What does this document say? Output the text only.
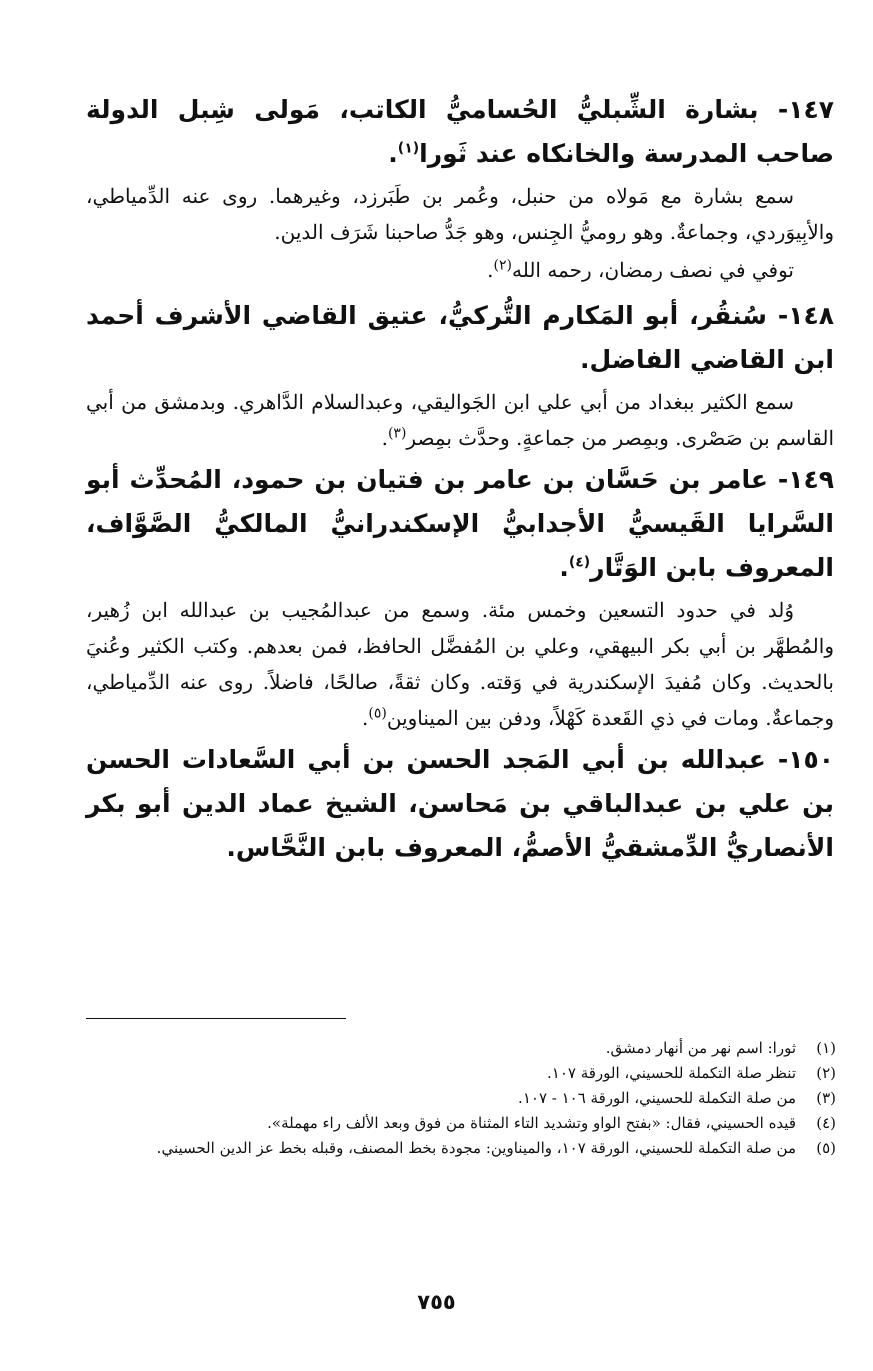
١٤٧- بشارة الشِّبليُّ الحُساميُّ الكاتب، مَولى شِبل الدولة صاحب المدرسة والخانكاه عند ثَورا$^{(١)}$.

سمع بشارة مع مَولاه من حنبل، وعُمر بن طَبَرزد، وغيرهما. روى عنه الدِّمياطي، والأبِيوَردي، وجماعةٌ. وهو روميُّ الجِنس، وهو جَدُّ صاحبنا شَرَف الدين.

توفي في نصف رمضان، رحمه الله$^{(٢)}$.

١٤٨- سُنقُر، أبو المَكارم التُّركيُّ، عتيق القاضي الأشرف أحمد ابن القاضي الفاضل.

سمع الكثير ببغداد من أبي علي ابن الجَواليقي، وعبدالسلام الدَّاهري. وبدمشق من أبي القاسم بن صَصْرى. وبمِصر من جماعةٍ. وحدَّث بمِصر$^{(٣)}$.

١٤٩- عامر بن حَسَّان بن عامر بن فتيان بن حمود، المُحدِّث أبو السَّرايا القَيسيُّ الأجدابيُّ الإسكندرانيُّ المالكيُّ الصَّوَّاف، المعروف بابن الوَتَّار$^{(٤)}$.

وُلد في حدود التسعين وخمس مئة. وسمع من عبدالمُجيب بن عبدالله ابن زُهير، والمُطهَّر بن أبي بكر البيهقي، وعلي بن المُفضَّل الحافظ، فمن بعدهم. وكتب الكثير وعُنيَ بالحديث. وكان مُفيدَ الإسكندرية في وَقته. وكان ثقةً، صالحًا، فاضلاً. روى عنه الدِّمياطي، وجماعةٌ. ومات في ذي القَعدة كَهْلاً، ودفن بين الميناوين$^{(٥)}$.

١٥٠- عبدالله بن أبي المَجد الحسن بن أبي السَّعادات الحسن بن علي بن عبدالباقي بن مَحاسن، الشيخ عماد الدين أبو بكر الأنصاريُّ الدِّمشقيُّ الأصمُّ، المعروف بابن النَّحَّاس.

(١)
ثورا: اسم نهر من أنهار دمشق.
(٢)
تنظر صلة التكملة للحسيني، الورقة ١٠٧.
(٣)
من صلة التكملة للحسيني، الورقة ١٠٦ - ١٠٧.
(٤)
قيده الحسيني، فقال: «بفتح الواو وتشديد التاء المثناة من فوق وبعد الألف راء مهملة».
(٥)
من صلة التكملة للحسيني، الورقة ١٠٧، والميناوين: مجودة بخط المصنف، وقبله بخط عز الدين الحسيني.
٧٥٥
